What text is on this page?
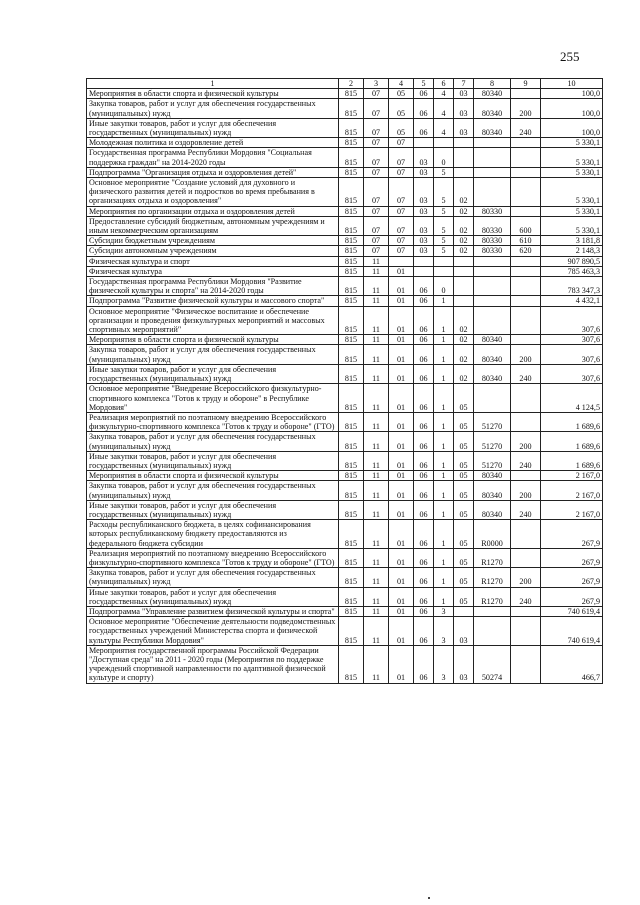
255
1	2	3	4	5	6	7	8	9	10
Мероприятия в области спорта и физической культуры	815	07	05	06	4	03	80340		100,0
Закупка товаров, работ и услуг для обеспечения государственных (муниципальных) нужд	815	07	05	06	4	03	80340	200	100,0
Иные закупки товаров, работ и услуг для обеспечения государственных (муниципальных) нужд	815	07	05	06	4	03	80340	240	100,0
Молодежная политика и оздоровление детей	815	07	07						5 330,1
Государственная программа Республики Мордовия "Социальная поддержка граждан" на 2014-2020 годы	815	07	07	03	0				5 330,1
Подпрограмма "Организация отдыха и оздоровления детей"	815	07	07	03	5				5 330,1
Основное мероприятие "Создание условий для духовного и физического развития детей и подростков во время пребывания в организациях отдыха и оздоровления"	815	07	07	03	5	02			5 330,1
Мероприятия по организации отдыха и оздоровления детей	815	07	07	03	5	02	80330		5 330,1
Предоставление субсидий бюджетным, автономным учреждениям и иным некоммерческим организациям	815	07	07	03	5	02	80330	600	5 330,1
Субсидии бюджетным учреждениям	815	07	07	03	5	02	80330	610	3 181,8
Субсидии автономным учреждениям	815	07	07	03	5	02	80330	620	2 148,3
Физическая культура и спорт	815	11							907 890,5
Физическая культура	815	11	01						785 463,3
Государственная программа Республики Мордовия "Развитие физической культуры и спорта" на 2014-2020 годы	815	11	01	06	0				783 347,3
Подпрограмма "Развитие физической культуры и массового спорта"	815	11	01	06	1				4 432,1
Основное мероприятие "Физическое воспитание и обеспечение организации и проведения физкультурных мероприятий и массовых спортивных мероприятий"	815	11	01	06	1	02			307,6
Мероприятия в области спорта и физической культуры	815	11	01	06	1	02	80340		307,6
Закупка товаров, работ и услуг для обеспечения государственных (муниципальных) нужд	815	11	01	06	1	02	80340	200	307,6
Иные закупки товаров, работ и услуг для обеспечения государственных (муниципальных) нужд	815	11	01	06	1	02	80340	240	307,6
Основное мероприятие "Внедрение Всероссийского физкультурно-спортивного комплекса "Готов к труду и обороне" в Республике Мордовия"	815	11	01	06	1	05			4 124,5
Реализация мероприятий по поэтапному внедрению Всероссийского физкультурно-спортивного комплекса "Готов к труду и обороне" (ГТО)	815	11	01	06	1	05	51270		1 689,6
Закупка товаров, работ и услуг для обеспечения государственных (муниципальных) нужд	815	11	01	06	1	05	51270	200	1 689,6
Иные закупки товаров, работ и услуг для обеспечения государственных (муниципальных) нужд	815	11	01	06	1	05	51270	240	1 689,6
Мероприятия в области спорта и физической культуры	815	11	01	06	1	05	80340		2 167,0
Закупка товаров, работ и услуг для обеспечения государственных (муниципальных) нужд	815	11	01	06	1	05	80340	200	2 167,0
Иные закупки товаров, работ и услуг для обеспечения государственных (муниципальных) нужд	815	11	01	06	1	05	80340	240	2 167,0
Расходы республиканского бюджета, в целях софинансирования которых республиканскому бюджету предоставляются из федерального бюджета субсидии	815	11	01	06	1	05	R0000		267,9
Реализация мероприятий по поэтапному внедрению Всероссийского физкультурно-спортивного комплекса "Готов к труду и обороне" (ГТО)	815	11	01	06	1	05	R1270		267,9
Закупка товаров, работ и услуг для обеспечения государственных (муниципальных) нужд	815	11	01	06	1	05	R1270	200	267,9
Иные закупки товаров, работ и услуг для обеспечения государственных (муниципальных) нужд	815	11	01	06	1	05	R1270	240	267,9
Подпрограмма "Управление развитием физической культуры и спорта"	815	11	01	06	3				740 619,4
Основное мероприятие "Обеспечение деятельности подведомственных государственных учреждений Министерства спорта и физической культуры Республики Мордовия"	815	11	01	06	3	03			740 619,4
Мероприятия государственной программы Российской Федерации "Доступная среда" на 2011 - 2020 годы (Мероприятия по поддержке учреждений спортивной направленности по адаптивной физической культуре и спорту)	815	11	01	06	3	03	50274		466,7
